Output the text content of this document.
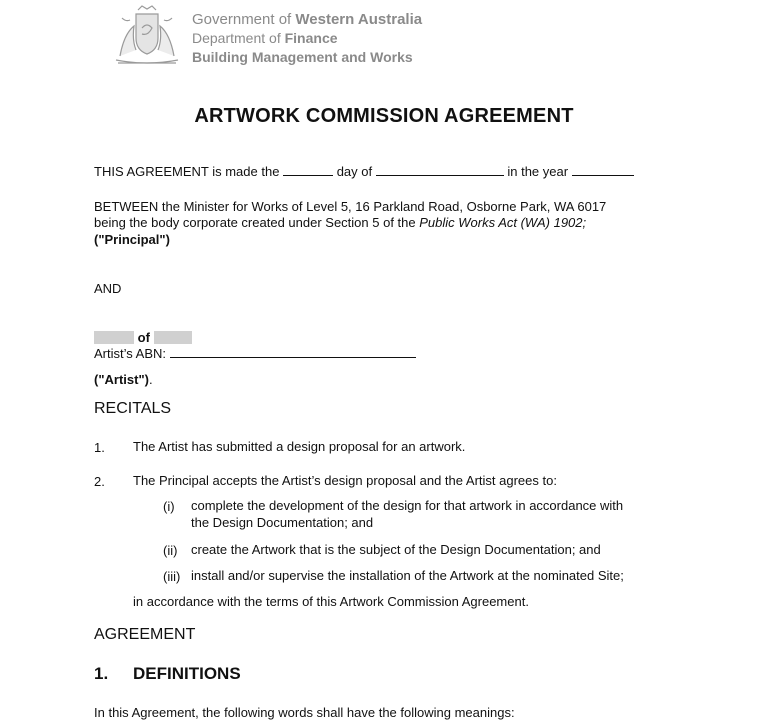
Government of Western Australia
Department of Finance
Building Management and Works
ARTWORK COMMISSION AGREEMENT
THIS AGREEMENT is made the	day of	in the year
BETWEEN the Minister for Works of Level 5, 16 Parkland Road, Osborne Park, WA 6017
being the body corporate created under Section 5 of the Public Works Act (WA) 1902;
("Principal")
AND
of
Artist’s ABN:
("Artist").
RECITALS
1. The Artist has submitted a design proposal for an artwork.
2. The Principal accepts the Artist’s design proposal and the Artist agrees to:
(i) complete the development of the design for that artwork in accordance with
the Design Documentation; and
(ii) create the Artwork that is the subject of the Design Documentation; and
(iii) install and/or supervise the installation of the Artwork at the nominated Site;
in accordance with the terms of this Artwork Commission Agreement.
AGREEMENT
1. DEFINITIONS
In this Agreement, the following words shall have the following meanings:
